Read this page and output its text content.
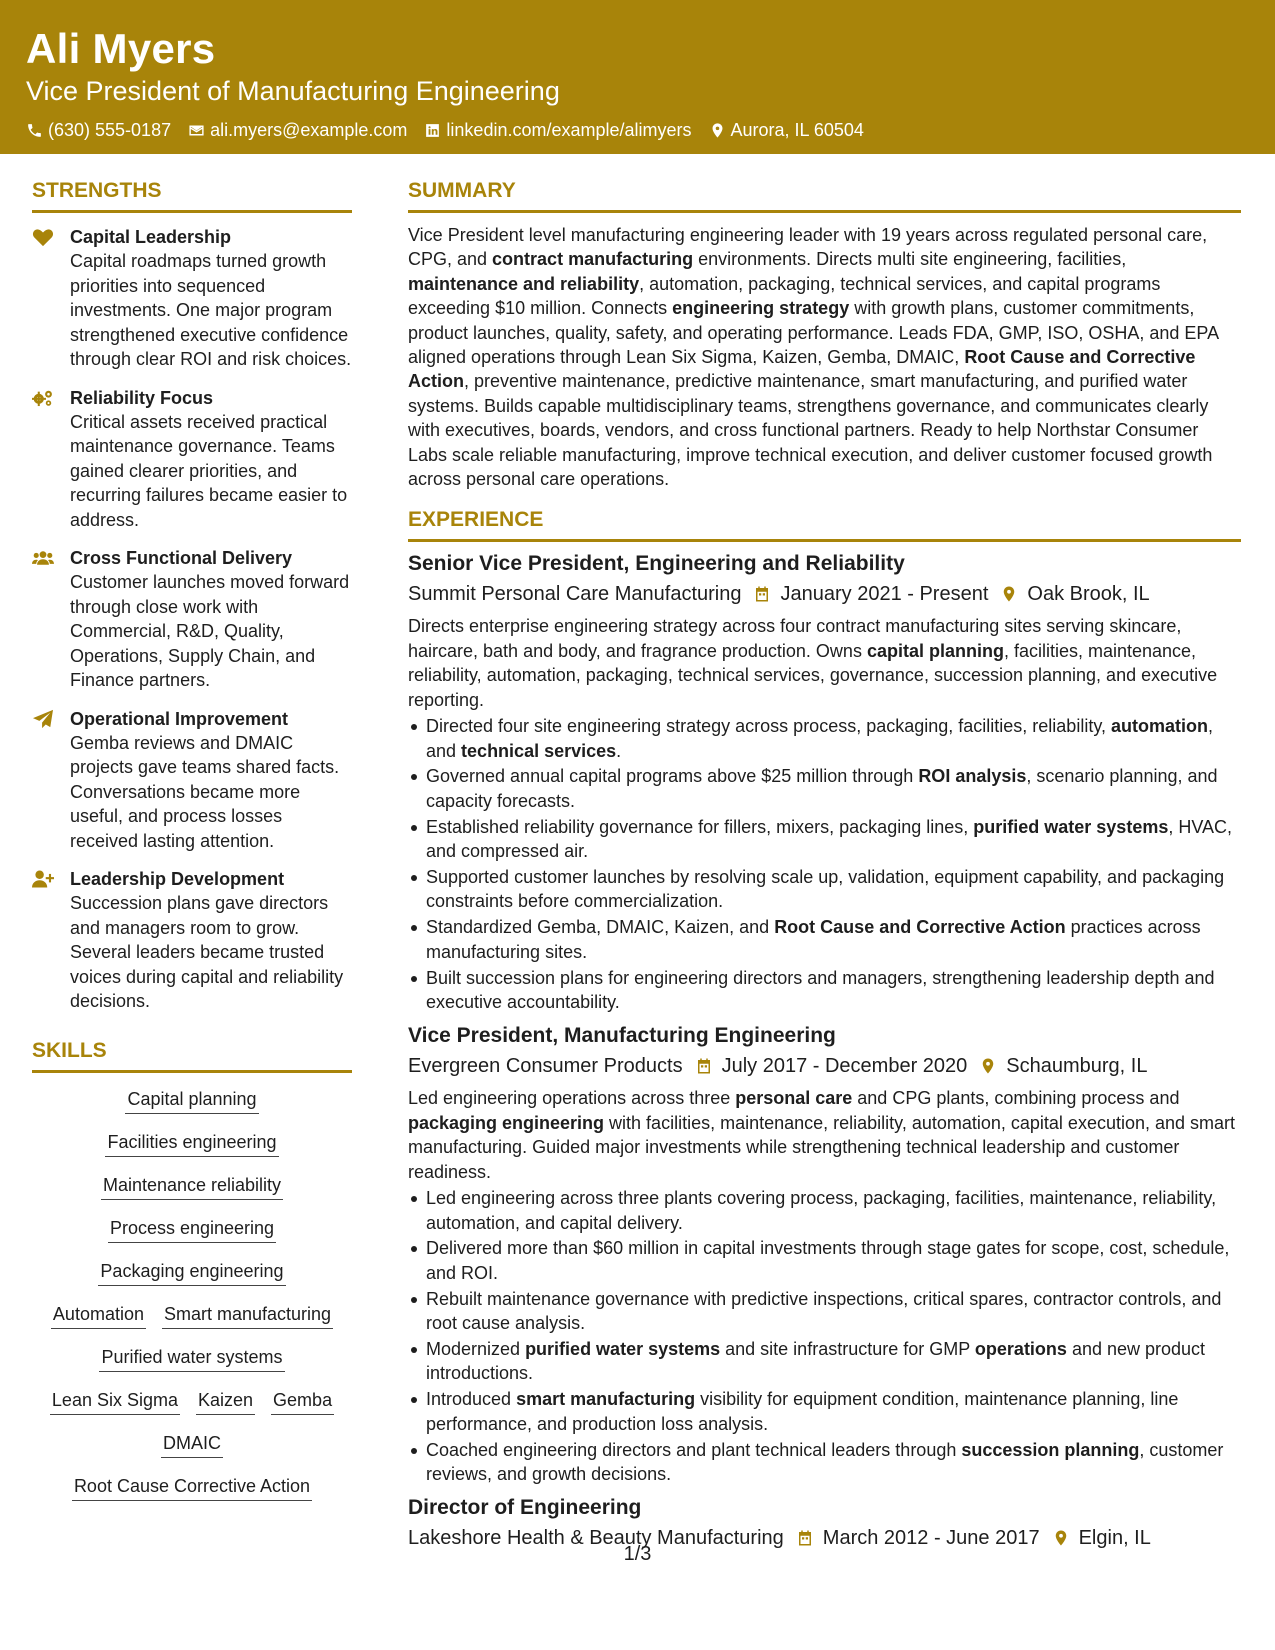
Ali Myers
Vice President of Manufacturing Engineering
(630) 555-0187 ali.myers@example.com linkedin.com/example/alimyers Aurora, IL 60504
STRENGTHS
Capital Leadership
Capital roadmaps turned growth priorities into sequenced investments. One major program strengthened executive confidence through clear ROI and risk choices.
Reliability Focus
Critical assets received practical maintenance governance. Teams gained clearer priorities, and recurring failures became easier to address.
Cross Functional Delivery
Customer launches moved forward through close work with Commercial, R&D, Quality, Operations, Supply Chain, and Finance partners.
Operational Improvement
Gemba reviews and DMAIC projects gave teams shared facts. Conversations became more useful, and process losses received lasting attention.
Leadership Development
Succession plans gave directors and managers room to grow. Several leaders became trusted voices during capital and reliability decisions.
SKILLS
Capital planning
Facilities engineering
Maintenance reliability
Process engineering
Packaging engineering
Automation Smart manufacturing
Purified water systems
Lean Six Sigma Kaizen Gemba
DMAIC
Root Cause Corrective Action
SUMMARY
Vice President level manufacturing engineering leader with 19 years across regulated personal care, CPG, and contract manufacturing environments. Directs multi site engineering, facilities, maintenance and reliability, automation, packaging, technical services, and capital programs exceeding $10 million. Connects engineering strategy with growth plans, customer commitments, product launches, quality, safety, and operating performance. Leads FDA, GMP, ISO, OSHA, and EPA aligned operations through Lean Six Sigma, Kaizen, Gemba, DMAIC, Root Cause and Corrective Action, preventive maintenance, predictive maintenance, smart manufacturing, and purified water systems. Builds capable multidisciplinary teams, strengthens governance, and communicates clearly with executives, boards, vendors, and cross functional partners. Ready to help Northstar Consumer Labs scale reliable manufacturing, improve technical execution, and deliver customer focused growth across personal care operations.
EXPERIENCE
Senior Vice President, Engineering and Reliability
Summit Personal Care Manufacturing January 2021 - Present Oak Brook, IL
Directs enterprise engineering strategy across four contract manufacturing sites serving skincare, haircare, bath and body, and fragrance production. Owns capital planning, facilities, maintenance, reliability, automation, packaging, technical services, governance, succession planning, and executive reporting.
Directed four site engineering strategy across process, packaging, facilities, reliability, automation, and technical services.
Governed annual capital programs above $25 million through ROI analysis, scenario planning, and capacity forecasts.
Established reliability governance for fillers, mixers, packaging lines, purified water systems, HVAC, and compressed air.
Supported customer launches by resolving scale up, validation, equipment capability, and packaging constraints before commercialization.
Standardized Gemba, DMAIC, Kaizen, and Root Cause and Corrective Action practices across manufacturing sites.
Built succession plans for engineering directors and managers, strengthening leadership depth and executive accountability.
Vice President, Manufacturing Engineering
Evergreen Consumer Products July 2017 - December 2020 Schaumburg, IL
Led engineering operations across three personal care and CPG plants, combining process and packaging engineering with facilities, maintenance, reliability, automation, capital execution, and smart manufacturing. Guided major investments while strengthening technical leadership and customer readiness.
Led engineering across three plants covering process, packaging, facilities, maintenance, reliability, automation, and capital delivery.
Delivered more than $60 million in capital investments through stage gates for scope, cost, schedule, and ROI.
Rebuilt maintenance governance with predictive inspections, critical spares, contractor controls, and root cause analysis.
Modernized purified water systems and site infrastructure for GMP operations and new product introductions.
Introduced smart manufacturing visibility for equipment condition, maintenance planning, line performance, and production loss analysis.
Coached engineering directors and plant technical leaders through succession planning, customer reviews, and growth decisions.
Director of Engineering
Lakeshore Health & Beauty Manufacturing March 2012 - June 2017 Elgin, IL
1/3
